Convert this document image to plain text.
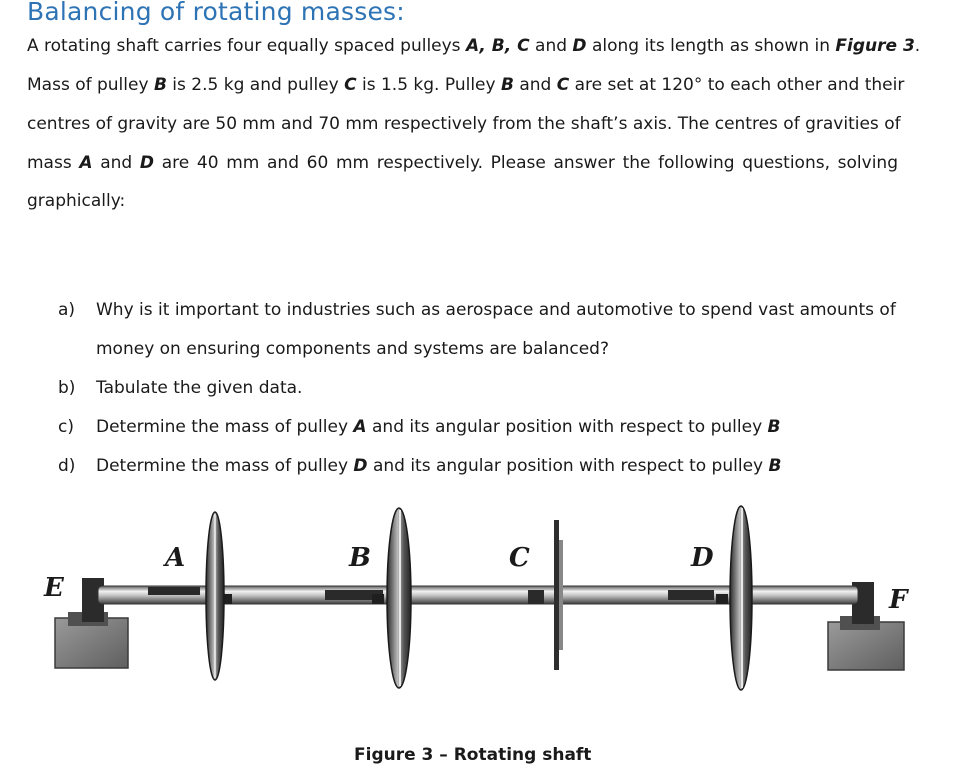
Balancing of rotating masses:
A rotating shaft carries four equally spaced pulleys A, B, C and D along its length as shown in Figure 3.
Mass of pulley B is 2.5 kg and pulley C is 1.5 kg. Pulley B and C are set at 120° to each other and their
centres of gravity are 50 mm and 70 mm respectively from the shaft’s axis. The centres of gravities of
mass A and D are 40 mm and 60 mm respectively. Please answer the following questions, solving
graphically:
a) Why is it important to industries such as aerospace and automotive to spend vast amounts of
money on ensuring components and systems are balanced?
b) Tabulate the given data.
c) Determine the mass of pulley A and its angular position with respect to pulley B
d) Determine the mass of pulley D and its angular position with respect to pulley B
E
A	B	C	D
F
Figure 3 – Rotating shaft
